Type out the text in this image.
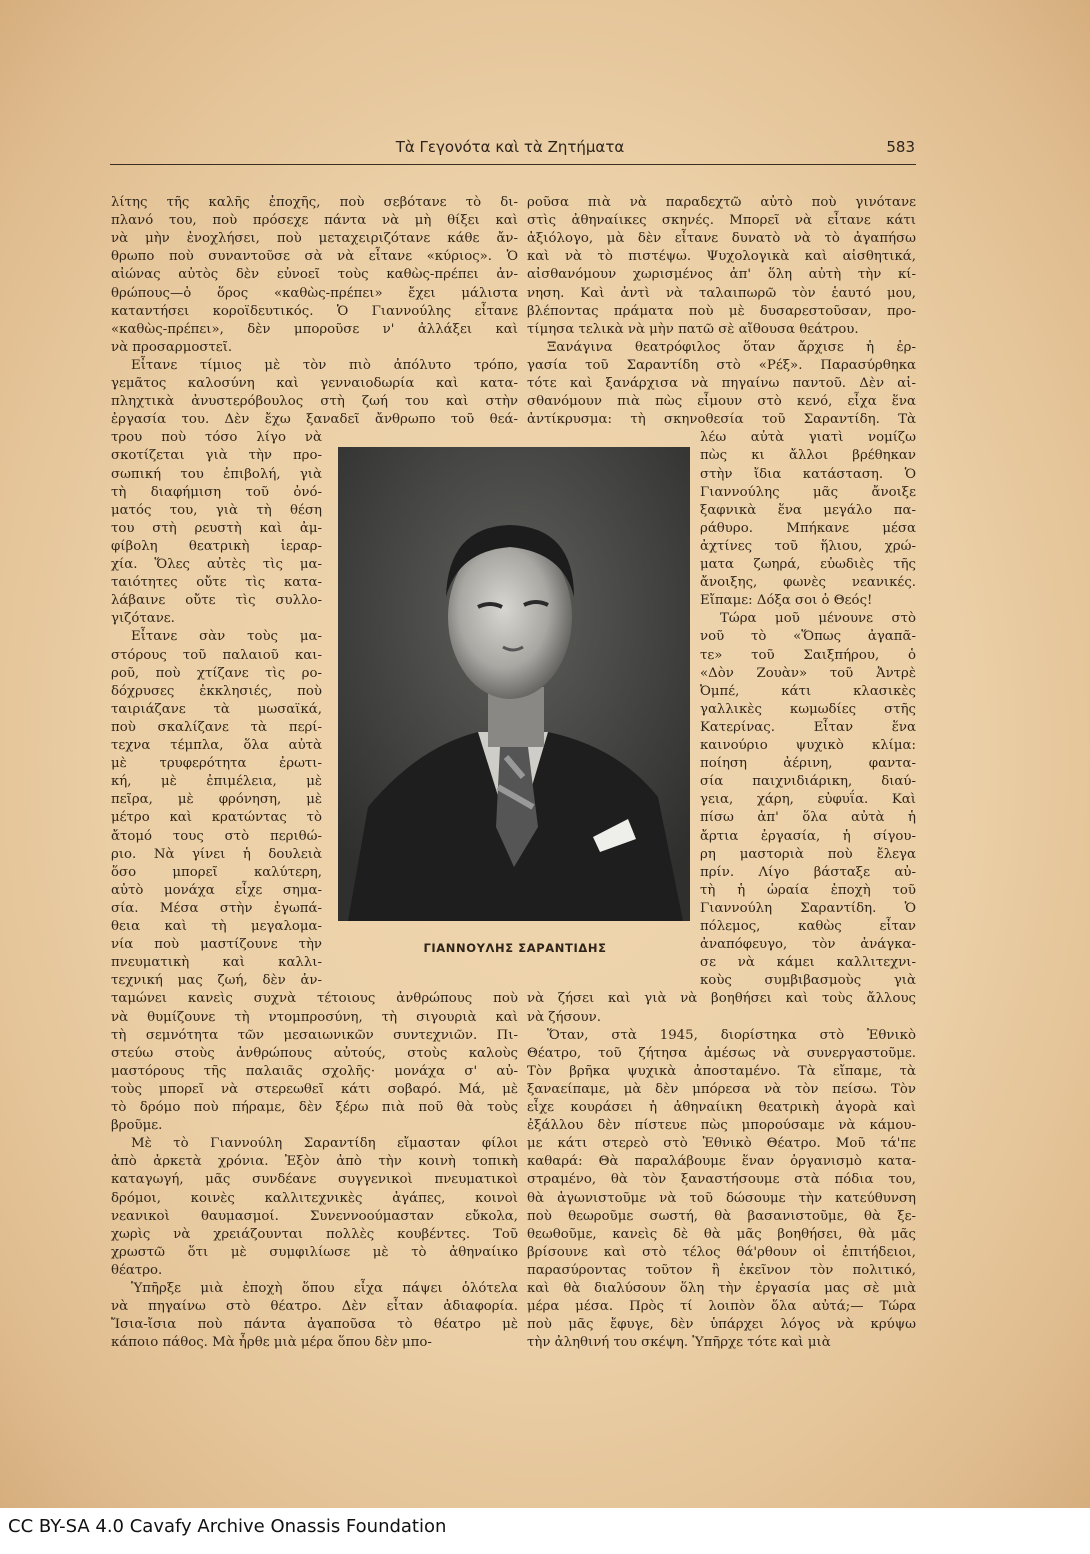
Τὰ Γεγονότα καὶ τὰ Ζητήματα	583
λίτης τῆς καλῆς ἐποχῆς, ποὺ σεβότανε τὸ δι-
πλανό του, ποὺ πρόσεχε πάντα νὰ μὴ θίξει καὶ
νὰ μὴν ἐνοχλήσει, ποὺ μεταχειριζότανε κάθε ἄν-
θρωπο ποὺ συναντοῦσε σὰ νὰ εἶτανε «κύριος». Ὁ
αἰώνας αὐτὸς δὲν εὐνοεῖ τοὺς καθὼς-πρέπει ἀν-
θρώπους—ὁ ὅρος «καθὼς-πρέπει» ἔχει μάλιστα
καταντήσει κοροϊδευτικός. Ὁ Γιαννούλης εἶτανε
«καθὼς-πρέπει», δὲν μποροῦσε ν' ἀλλάξει καὶ
νὰ προσαρμοστεῖ.
Εἶτανε τίμιος μὲ τὸν πιὸ ἀπόλυτο τρόπο,
γεμᾶτος καλοσύνη καὶ γενναιοδωρία καὶ κατα-
πληχτικὰ ἀνυστερόβουλος στὴ ζωή του καὶ στὴν
ἐργασία του. Δὲν ἔχω ξαναδεῖ ἄνθρωπο τοῦ θεά-
τρου ποὺ τόσο λίγο νὰ
σκοτίζεται γιὰ τὴν προ-
σωπική του ἐπιβολή, γιὰ
τὴ διαφήμιση τοῦ ὀνό-
ματός του, γιὰ τὴ θέση
του στὴ ρευστὴ καὶ ἀμ-
φίβολη θεατρικὴ ἱεραρ-
χία. Ὅλες αὐτὲς τὶς μα-
ταιότητες οὔτε τὶς κατα-
λάβαινε οὔτε τὶς συλλο-
γιζότανε.
Εἶτανε σὰν τοὺς μα-
στόρους τοῦ παλαιοῦ και-
ροῦ, ποὺ χτίζανε τὶς ρο-
δόχρυσες ἐκκλησιές, ποὺ
ταιριάζανε τὰ μωσαϊκά,
ποὺ σκαλίζανε τὰ περί-
τεχνα τέμπλα, ὅλα αὐτὰ
μὲ τρυφερότητα ἐρωτι-
κή, μὲ ἐπιμέλεια, μὲ
πεῖρα, μὲ φρόνηση, μὲ
μέτρο καὶ κρατώντας τὸ
ἄτομό τους στὸ περιθώ-
ριο. Νὰ γίνει ἡ δουλειὰ
ὅσο μπορεῖ καλύτερη,
αὐτὸ μονάχα εἶχε σημα-
σία. Μέσα στὴν ἐγωπά-
θεια καὶ τὴ μεγαλομα-
νία ποὺ μαστίζουνε τὴν
πνευματικὴ καὶ καλλι-
τεχνική μας ζωή, δὲν ἀν-
ταμώνει κανεὶς συχνὰ τέτοιους ἀνθρώπους ποὺ
νὰ θυμίζουνε τὴ ντομπροσύνη, τὴ σιγουριὰ καὶ
τὴ σεμνότητα τῶν μεσαιωνικῶν συντεχνιῶν. Πι-
στεύω στοὺς ἀνθρώπους αὐτούς, στοὺς καλοὺς
μαστόρους τῆς παλαιᾶς σχολῆς· μονάχα σ' αὐ-
τοὺς μπορεῖ νὰ στερεωθεῖ κάτι σοβαρό. Μά, μὲ
τὸ δρόμο ποὺ πήραμε, δὲν ξέρω πιὰ ποῦ θὰ τοὺς
βροῦμε.
Μὲ τὸ Γιαννούλη Σαραντίδη εἴμασταν φίλοι
ἀπὸ ἀρκετὰ χρόνια. Ἐξὸν ἀπὸ τὴν κοινὴ τοπικὴ
καταγωγή, μᾶς συνδέανε συγγενικοὶ πνευματικοὶ
δρόμοι, κοινὲς καλλιτεχνικὲς ἀγάπες, κοινοὶ
νεανικοὶ θαυμασμοί. Συνεννοούμασταν εὔκολα,
χωρὶς νὰ χρειάζουνται πολλὲς κουβέντες. Τοῦ
χρωστῶ ὅτι μὲ συμφιλίωσε μὲ τὸ ἀθηναίικο
θέατρο.
Ὑπῆρξε μιὰ ἐποχὴ ὅπου εἶχα πάψει ὁλότελα
νὰ πηγαίνω στὸ θέατρο. Δὲν εἶταν ἀδιαφορία.
Ἴσια-ἴσια ποὺ πάντα ἀγαποῦσα τὸ θέατρο μὲ
κάποιο πάθος. Μὰ ἦρθε μιὰ μέρα ὅπου δὲν μπο-
ροῦσα πιὰ νὰ παραδεχτῶ αὐτὸ ποὺ γινότανε
στὶς ἀθηναίικες σκηνές. Μπορεῖ νὰ εἶτανε κάτι
ἀξιόλογο, μὰ δὲν εἶτανε δυνατὸ νὰ τὸ ἀγαπήσω
καὶ νὰ τὸ πιστέψω. Ψυχολογικὰ καὶ αἰσθητικά,
αἰσθανόμουν χωρισμένος ἀπ' ὅλη αὐτὴ τὴν κί-
νηση. Καὶ ἀντὶ νὰ ταλαιπωρῶ τὸν ἑαυτό μου,
βλέποντας πράματα ποὺ μὲ δυσαρεστοῦσαν, προ-
τίμησα τελικὰ νὰ μὴν πατῶ σὲ αἴθουσα θεάτρου.
Ξανάγινα θεατρόφιλος ὅταν ἄρχισε ἡ ἐρ-
γασία τοῦ Σαραντίδη στὸ «Ρέξ». Παρασύρθηκα
τότε καὶ ξανάρχισα νὰ πηγαίνω παντοῦ. Δὲν αἰ-
σθανόμουν πιὰ πὼς εἶμουν στὸ κενό, εἶχα ἕνα
ἀντίκρυσμα: τὴ σκηνοθεσία τοῦ Σαραντίδη. Τὰ
λέω αὐτὰ γιατὶ νομίζω
πὼς κι ἄλλοι βρέθηκαν
στὴν ἴδια κατάσταση. Ὁ
Γιαννούλης μᾶς ἄνοιξε
ξαφνικὰ ἕνα μεγάλο πα-
ράθυρο. Μπήκανε μέσα
ἀχτίνες τοῦ ἥλιου, χρώ-
ματα ζωηρά, εὐωδιὲς τῆς
ἄνοιξης, φωνὲς νεανικές.
Εἴπαμε: Δόξα σοι ὁ Θεός!
Τώρα μοῦ μένουνε στὸ
νοῦ τὸ «Ὅπως ἀγαπᾶ-
τε» τοῦ Σαιξπήρου, ὁ
«Δὸν Ζουὰν» τοῦ Ἀντρὲ
Ὀμπέ, κάτι κλασικὲς
γαλλικὲς κωμωδίες στῆς
Κατερίνας. Εἶταν ἕνα
καινούριο ψυχικὸ κλίμα:
ποίηση ἀέρινη, φαντα-
σία παιχνιδιάρικη, διαύ-
γεια, χάρη, εὐφυΐα. Καὶ
πίσω ἀπ' ὅλα αὐτὰ ἡ
ἄρτια ἐργασία, ἡ σίγου-
ρη μαστοριὰ ποὺ ἔλεγα
πρίν. Λίγο βάσταξε αὐ-
τὴ ἡ ὡραία ἐποχὴ τοῦ
Γιαννούλη Σαραντίδη. Ὁ
πόλεμος, καθὼς εἶταν
ἀναπόφευγο, τὸν ἀνάγκα-
σε νὰ κάμει καλλιτεχνι-
κοὺς συμβιβασμοὺς γιὰ
νὰ ζήσει καὶ γιὰ νὰ βοηθήσει καὶ τοὺς ἄλλους
νὰ ζήσουν.
Ὅταν, στὰ 1945, διορίστηκα στὸ Ἐθνικὸ
Θέατρο, τοῦ ζήτησα ἀμέσως νὰ συνεργαστοῦμε.
Τὸν βρῆκα ψυχικὰ ἀποσταμένο. Τὰ εἴπαμε, τὰ
ξαναείπαμε, μὰ δὲν μπόρεσα νὰ τὸν πείσω. Τὸν
εἶχε κουράσει ἡ ἀθηναίικη θεατρικὴ ἀγορὰ καὶ
ἐξάλλου δὲν πίστευε πὼς μπορούσαμε νὰ κάμου-
με κάτι στερεὸ στὸ Ἐθνικὸ Θέατρο. Μοῦ τά'πε
καθαρά: Θὰ παραλάβουμε ἕναν ὀργανισμὸ κατα-
στραμένο, θὰ τὸν ξαναστήσουμε στὰ πόδια του,
θὰ ἀγωνιστοῦμε νὰ τοῦ δώσουμε τὴν κατεύθυνση
ποὺ θεωροῦμε σωστή, θὰ βασανιστοῦμε, θὰ ξε-
θεωθοῦμε, κανεὶς δὲ θὰ μᾶς βοηθήσει, θὰ μᾶς
βρίσουνε καὶ στὸ τέλος θά'ρθουν οἱ ἐπιτήδειοι,
παρασύροντας τοῦτον ἢ ἐκεῖνον τὸν πολιτικό,
καὶ θὰ διαλύσουν ὅλη τὴν ἐργασία μας σὲ μιὰ
μέρα μέσα. Πρὸς τί λοιπὸν ὅλα αὐτά;— Τώρα
ποὺ μᾶς ἔφυγε, δὲν ὑπάρχει λόγος νὰ κρύψω
τὴν ἀληθινή του σκέψη. Ὑπῆρχε τότε καὶ μιὰ
ΓΙΑΝΝΟΥΛΗΣ ΣΑΡΑΝΤΙΔΗΣ
CC BY-SA 4.0 Cavafy Archive Onassis Foundation
